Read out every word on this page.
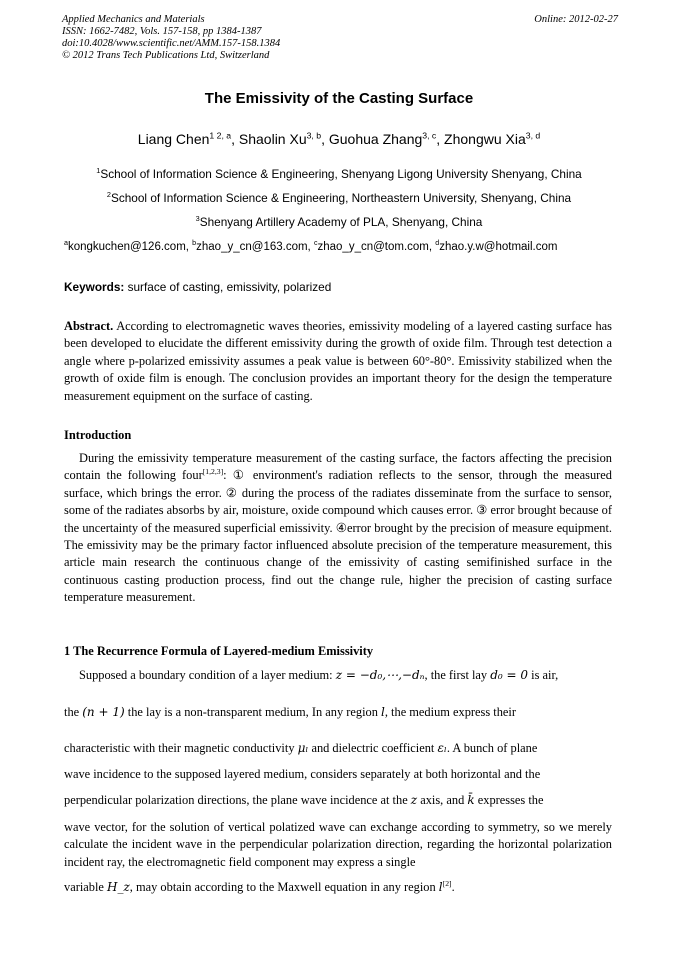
Applied Mechanics and Materials
ISSN: 1662-7482, Vols. 157-158, pp 1384-1387
doi:10.4028/www.scientific.net/AMM.157-158.1384
© 2012 Trans Tech Publications Ltd, Switzerland
Online: 2012-02-27
The Emissivity of the Casting Surface
Liang Chen$^{1 2, a}$, Shaolin Xu$^{3, b}$, Guohua Zhang$^{3, c}$, Zhongwu Xia$^{3, d}$
$^1$School of Information Science & Engineering, Shenyang Ligong University Shenyang, China
$^2$School of Information Science & Engineering, Northeastern University, Shenyang, China
$^3$Shenyang Artillery Academy of PLA, Shenyang, China
$^a$kongkuchen@126.com, $^b$zhao_y_cn@163.com, $^c$zhao_y_cn@tom.com, $^d$zhao.y.w@hotmail.com
Keywords: surface of casting, emissivity, polarized
Abstract. According to electromagnetic waves theories, emissivity modeling of a layered casting surface has been developed to elucidate the different emissivity during the growth of oxide film. Through test detection a angle where p-polarized emissivity assumes a peak value is between 60°-80°. Emissivity stabilized when the growth of oxide film is enough. The conclusion provides an important theory for the design the temperature measurement equipment on the surface of casting.
Introduction
During the emissivity temperature measurement of the casting surface, the factors affecting the precision contain the following four[1,2,3]: ① environment's radiation reflects to the sensor, through the measured surface, which brings the error. ② during the process of the radiates disseminate from the surface to sensor, some of the radiates absorbs by air, moisture, oxide compound which causes error. ③ error brought because of the uncertainty of the measured superficial emissivity. ④error brought by the precision of measure equipment. The emissivity may be the primary factor influenced absolute precision of the temperature measurement, this article main research the continuous change of the emissivity of casting semifinished surface in the continuous casting production process, find out the change rule, higher the precision of casting surface temperature measurement.
1 The Recurrence Formula of Layered-medium Emissivity
Supposed a boundary condition of a layer medium: z = −d₀,⋯,−dₙ, the first lay d₀ = 0 is air,
the (n + 1) the lay is a non-transparent medium, In any region l, the medium express their
characteristic with their magnetic conductivity μₗ and dielectric coefficient εₗ. A bunch of plane
wave incidence to the supposed layered medium, considers separately at both horizontal and the
perpendicular polarization directions, the plane wave incidence at the z axis, and k̄ expresses the
wave vector, for the solution of vertical polatized wave can exchange according to symmetry, so we merely calculate the incident wave in the perpendicular polarization direction, regarding the horizontal polarization incident ray, the electromagnetic field component may express a single
variable H_z, may obtain according to the Maxwell equation in any region l[2].
